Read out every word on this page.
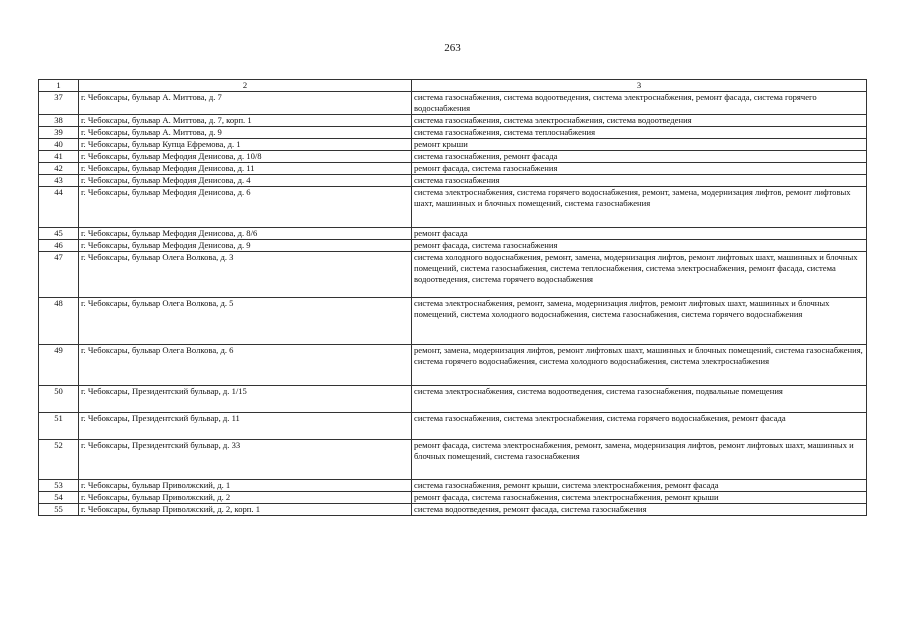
263
1	2	3
37	г. Чебоксары, бульвар А. Миттова, д. 7	система газоснабжения, система водоотведения, система электроснабжения, ремонт фасада, система горячего водоснабжения
38	г. Чебоксары, бульвар А. Миттова, д. 7, корп. 1	система газоснабжения, система электроснабжения, система водоотведения
39	г. Чебоксары, бульвар А. Миттова, д. 9	система газоснабжения, система теплоснабжения
40	г. Чебоксары, бульвар Купца Ефремова, д. 1	ремонт крыши
41	г. Чебоксары, бульвар Мефодия Денисова, д. 10/8	система газоснабжения, ремонт фасада
42	г. Чебоксары, бульвар Мефодия Денисова, д. 11	ремонт фасада, система газоснабжения
43	г. Чебоксары, бульвар Мефодия Денисова, д. 4	система газоснабжения
44	г. Чебоксары, бульвар Мефодия Денисова, д. 6	система электроснабжения, система горячего водоснабжения, ремонт, замена, модернизация лифтов, ремонт лифтовых шахт, машинных и блочных помещений, система газоснабжения
45	г. Чебоксары, бульвар Мефодия Денисова, д. 8/6	ремонт фасада
46	г. Чебоксары, бульвар Мефодия Денисова, д. 9	ремонт фасада, система газоснабжения
47	г. Чебоксары, бульвар Олега Волкова, д. 3	система холодного водоснабжения, ремонт, замена, модернизация лифтов, ремонт лифтовых шахт, машинных и блочных помещений, система газоснабжения, система теплоснабжения, система электроснабжения, ремонт фасада, система водоотведения, система горячего водоснабжения
48	г. Чебоксары, бульвар Олега Волкова, д. 5	система электроснабжения, ремонт, замена, модернизация лифтов, ремонт лифтовых шахт, машинных и блочных помещений, система холодного водоснабжения, система газоснабжения, система горячего водоснабжения
49	г. Чебоксары, бульвар Олега Волкова, д. 6	ремонт, замена, модернизация лифтов, ремонт лифтовых шахт, машинных и блочных помещений, система газоснабжения, система горячего водоснабжения, система холодного водоснабжения, система электроснабжения
50	г. Чебоксары, Президентский бульвар, д. 1/15	система электроснабжения, система водоотведения, система газоснабжения, подвальные помещения
51	г. Чебоксары, Президентский бульвар, д. 11	система газоснабжения, система электроснабжения, система горячего водоснабжения, ремонт фасада
52	г. Чебоксары, Президентский бульвар, д. 33	ремонт фасада, система электроснабжения, ремонт, замена, модернизация лифтов, ремонт лифтовых шахт, машинных и блочных помещений, система газоснабжения
53	г. Чебоксары, бульвар Приволжский, д. 1	система газоснабжения, ремонт крыши, система электроснабжения, ремонт фасада
54	г. Чебоксары, бульвар Приволжский, д. 2	ремонт фасада, система газоснабжения, система электроснабжения, ремонт крыши
55	г. Чебоксары, бульвар Приволжский, д. 2, корп. 1	система водоотведения, ремонт фасада, система газоснабжения
